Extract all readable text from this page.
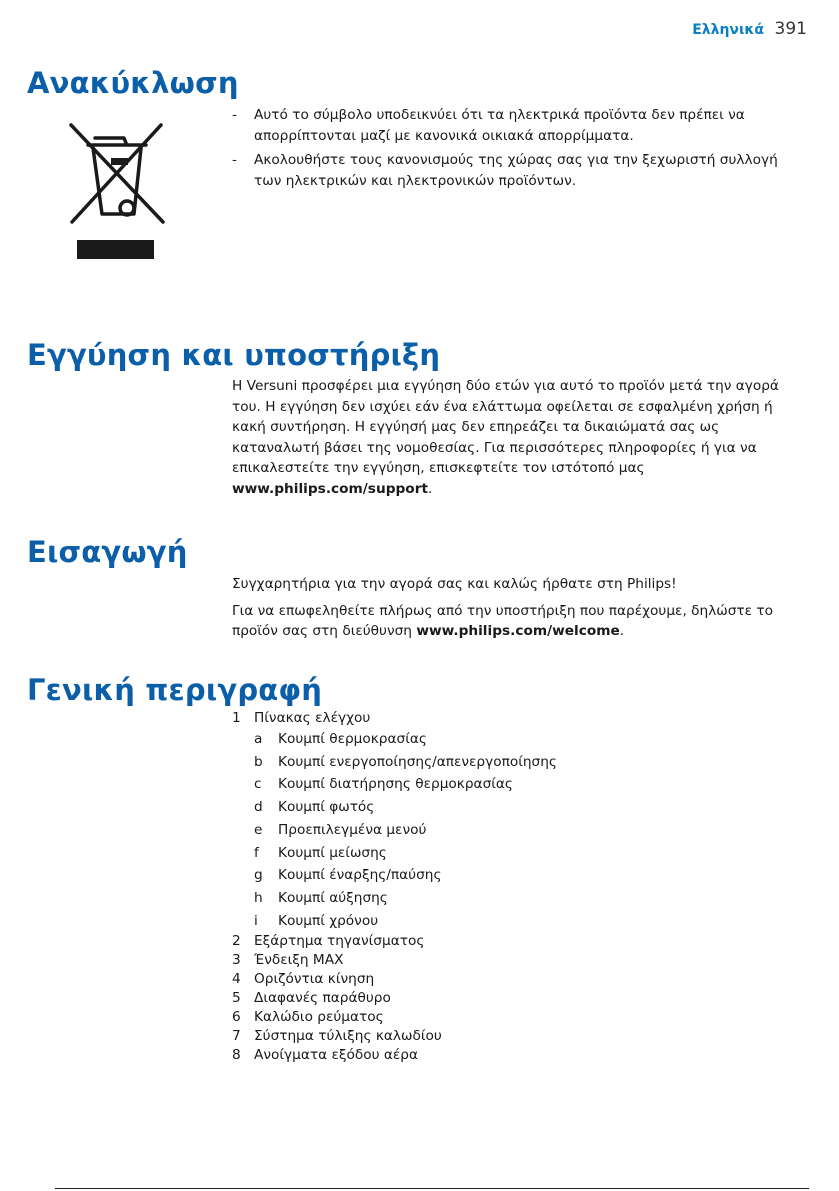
Ελληνικά 391
Ανακύκλωση
-	Αυτό το σύμβολο υποδεικνύει ότι τα ηλεκτρικά προϊόντα δεν πρέπει να απορρίπτονται μαζί με κανονικά οικιακά απορρίμματα.
-	Ακολουθήστε τους κανονισμούς της χώρας σας για την ξεχωριστή συλλογή των ηλεκτρικών και ηλεκτρονικών προϊόντων.
Εγγύηση και υποστήριξη

Η Versuni προσφέρει μια εγγύηση δύο ετών για αυτό το προϊόν μετά την αγορά του. Η εγγύηση δεν ισχύει εάν ένα ελάττωμα οφείλεται σε εσφαλμένη χρήση ή κακή συντήρηση. Η εγγύησή μας δεν επηρεάζει τα δικαιώματά σας ως καταναλωτή βάσει της νομοθεσίας. Για περισσότερες πληροφορίες ή για να επικαλεστείτε την εγγύηση, επισκεφτείτε τον ιστότοπό μας www.philips.com/support.

Εισαγωγή

Συγχαρητήρια για την αγορά σας και καλώς ήρθατε στη Philips!

Για να επωφεληθείτε πλήρως από την υποστήριξη που παρέχουμε, δηλώστε το προϊόν σας στη διεύθυνση www.philips.com/welcome.

Γενική περιγραφή
1 Πίνακας ελέγχου
a	Κουμπί θερμοκρασίας
b	Κουμπί ενεργοποίησης/απενεργοποίησης
c	Κουμπί διατήρησης θερμοκρασίας
d	Κουμπί φωτός
e	Προεπιλεγμένα μενού
f	Κουμπί μείωσης
g	Κουμπί έναρξης/παύσης
h	Κουμπί αύξησης
i	Κουμπί χρόνου
2 Εξάρτημα τηγανίσματος
3 Ένδειξη MAX
4 Οριζόντια κίνηση
5 Διαφανές παράθυρο
6 Καλώδιο ρεύματος
7 Σύστημα τύλιξης καλωδίου
8 Ανοίγματα εξόδου αέρα
